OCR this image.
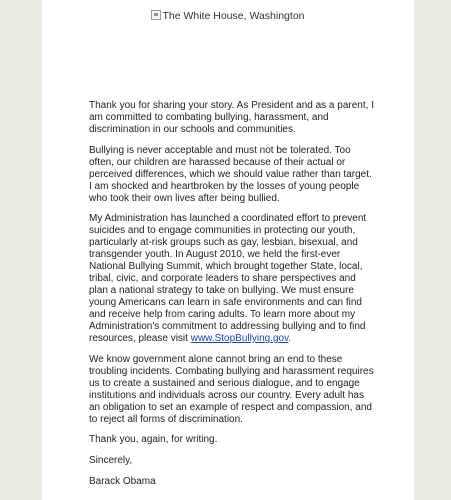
The White House, Washington

Thank you for sharing your story. As President and as a parent, I am committed to combating bullying, harassment, and discrimination in our schools and communities.

Bullying is never acceptable and must not be tolerated. Too often, our children are harassed because of their actual or perceived differences, which we should value rather than target. I am shocked and heartbroken by the losses of young people who took their own lives after being bullied.

My Administration has launched a coordinated effort to prevent suicides and to engage communities in protecting our youth, particularly at-risk groups such as gay, lesbian, bisexual, and transgender youth. In August 2010, we held the first-ever National Bullying Summit, which brought together State, local, tribal, civic, and corporate leaders to share perspectives and plan a national strategy to take on bullying. We must ensure young Americans can learn in safe environments and can find and receive help from caring adults. To learn more about my Administration's commitment to addressing bullying and to find resources, please visit www.StopBullying.gov.

We know government alone cannot bring an end to these troubling incidents. Combating bullying and harassment requires us to create a sustained and serious dialogue, and to engage institutions and individuals across our country. Every adult has an obligation to set an example of respect and compassion, and to reject all forms of discrimination.

Thank you, again, for writing.

Sincerely,

Barack Obama
